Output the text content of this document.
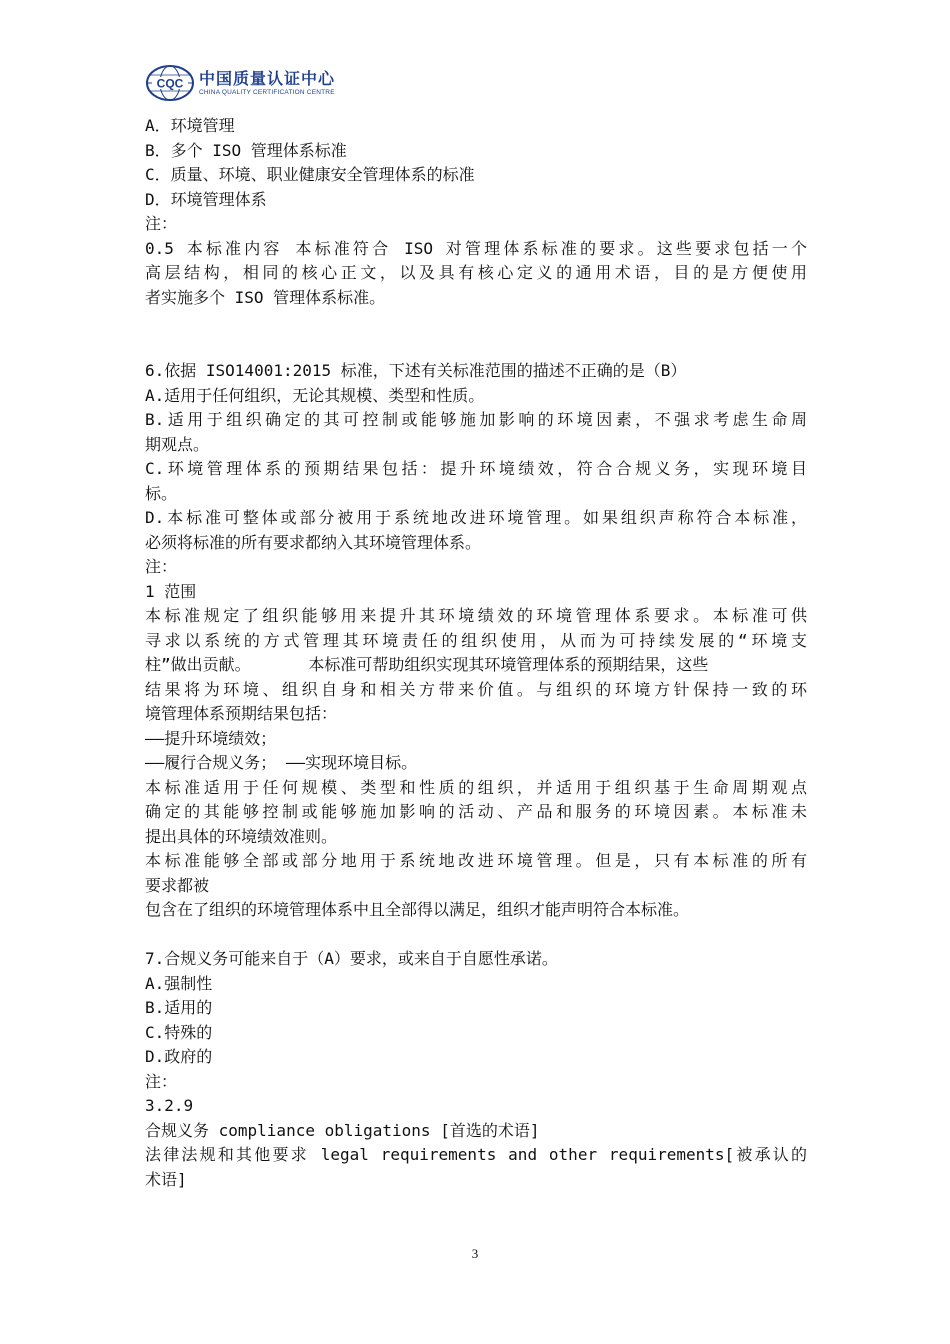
CQC 中国质量认证中心
CHINA QUALITY CERTIFICATION CENTRE
A．环境管理
B．多个 ISO 管理体系标准
C．质量、环境、职业健康安全管理体系的标准
D．环境管理体系
注：
0.5 本标准内容 本标准符合 ISO 对管理体系标准的要求。这些要求包括一个
高层结构，相同的核心正文，以及具有核心定义的通用术语，目的是方便使用
者实施多个 ISO 管理体系标准。
6.依据 ISO14001:2015 标准，下述有关标准范围的描述不正确的是（B）
A.适用于任何组织，无论其规模、类型和性质。
B.适用于组织确定的其可控制或能够施加影响的环境因素，不强求考虑生命周
期观点。
C.环境管理体系的预期结果包括：提升环境绩效，符合合规义务，实现环境目
标。
D.本标准可整体或部分被用于系统地改进环境管理。如果组织声称符合本标准，
必须将标准的所有要求都纳入其环境管理体系。
注：
1 范围
本标准规定了组织能够用来提升其环境绩效的环境管理体系要求。本标准可供
寻求以系统的方式管理其环境责任的组织使用，从而为可持续发展的“环境支
柱”做出贡献。      本标准可帮助组织实现其环境管理体系的预期结果，这些
结果将为环境、组织自身和相关方带来价值。与组织的环境方针保持一致的环
境管理体系预期结果包括：
——提升环境绩效；
——履行合规义务； ——实现环境目标。
本标准适用于任何规模、类型和性质的组织，并适用于组织基于生命周期观点
确定的其能够控制或能够施加影响的活动、产品和服务的环境因素。本标准未
提出具体的环境绩效准则。
本标准能够全部或部分地用于系统地改进环境管理。但是，只有本标准的所有
要求都被
包含在了组织的环境管理体系中且全部得以满足，组织才能声明符合本标准。
7.合规义务可能来自于（A）要求，或来自于自愿性承诺。
A.强制性
B.适用的
C.特殊的
D.政府的
注：
3.2.9
合规义务 compliance obligations [首选的术语]
法律法规和其他要求 legal requirements and other requirements[被承认的
术语]
3
